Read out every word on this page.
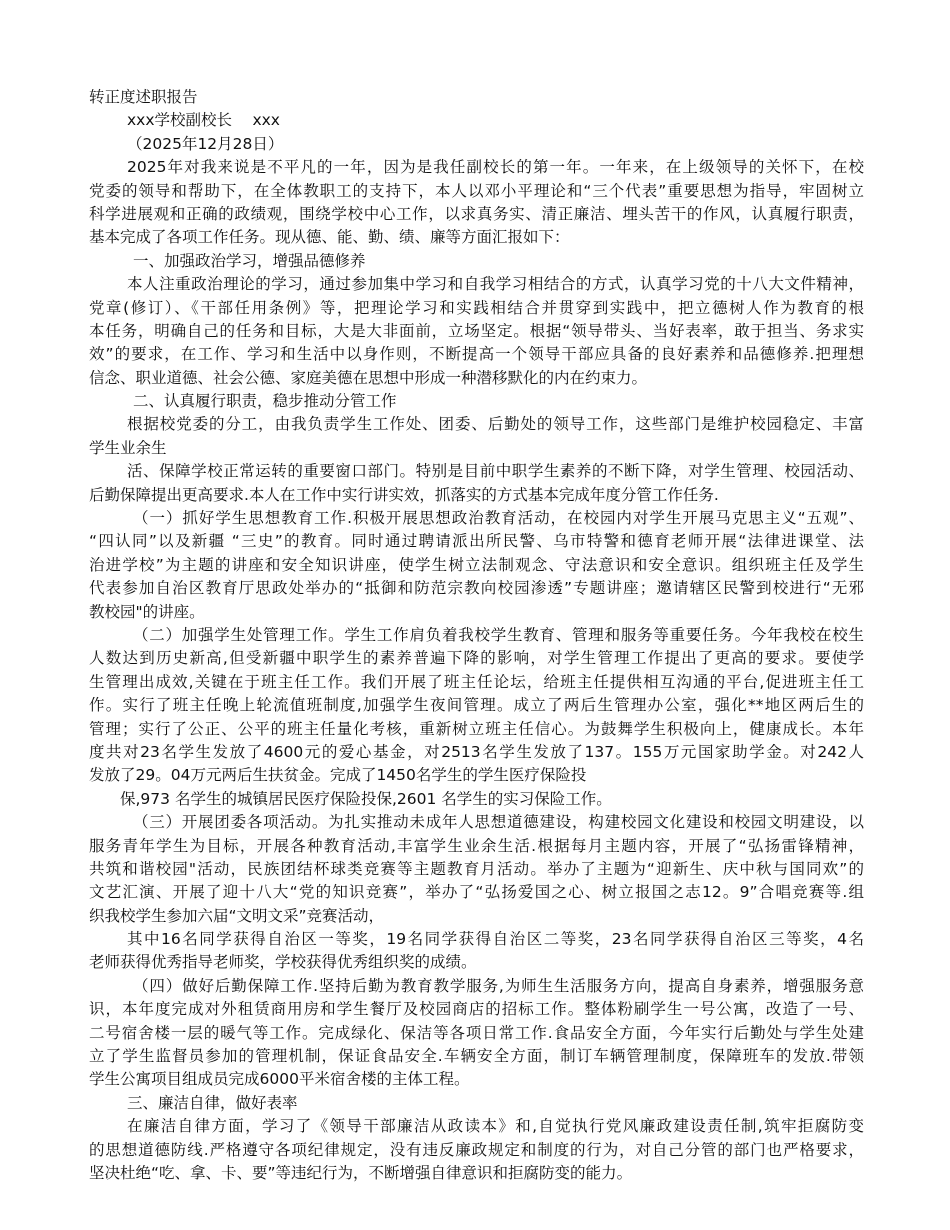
转正度述职报告
xxx学校副校长　 xxx
（2025年12月28日）
2025年对我来说是不平凡的一年，因为是我任副校长的第一年。一年来，在上级领导的关怀下，在校
党委的领导和帮助下，在全体教职工的支持下，本人以邓小平理论和“三个代表”重要思想为指导，牢固树立
科学进展观和正确的政绩观，围绕学校中心工作，以求真务实、清正廉洁、埋头苦干的作风，认真履行职责，
基本完成了各项工作任务。现从德、能、勤、绩、廉等方面汇报如下：
一、加强政治学习，增强品德修养
本人注重政治理论的学习，通过参加集中学习和自我学习相结合的方式，认真学习党的十八大文件精神，
党章(修订）、《干部任用条例》等，把理论学习和实践相结合并贯穿到实践中，把立德树人作为教育的根
本任务，明确自己的任务和目标，大是大非面前，立场坚定。根据“领导带头、当好表率，敢于担当、务求实
效”的要求，在工作、学习和生活中以身作则，不断提高一个领导干部应具备的良好素养和品德修养.把理想
信念、职业道德、社会公德、家庭美德在思想中形成一种潜移默化的内在约束力。
二、认真履行职责，稳步推动分管工作
根据校党委的分工，由我负责学生工作处、团委、后勤处的领导工作，这些部门是维护校园稳定、丰富
学生业余生
活、保障学校正常运转的重要窗口部门。特别是目前中职学生素养的不断下降，对学生管理、校园活动、
后勤保障提出更高要求.本人在工作中实行讲实效，抓落实的方式基本完成年度分管工作任务.
（一）抓好学生思想教育工作.积极开展思想政治教育活动，在校园内对学生开展马克思主义“五观”、
“四认同”以及新疆 “三史”的教育。同时通过聘请派出所民警、乌市特警和德育老师开展“法律进课堂、法
治进学校”为主题的讲座和安全知识讲座，使学生树立法制观念、守法意识和安全意识。组织班主任及学生
代表参加自治区教育厅思政处举办的“抵御和防范宗教向校园渗透”专题讲座；邀请辖区民警到校进行“无邪
教校园"的讲座。
（二）加强学生处管理工作。学生工作肩负着我校学生教育、管理和服务等重要任务。今年我校在校生
人数达到历史新高,但受新疆中职学生的素养普遍下降的影响，对学生管理工作提出了更高的要求。要使学
生管理出成效,关键在于班主任工作。我们开展了班主任论坛，给班主任提供相互沟通的平台,促进班主任工
作。实行了班主任晚上轮流值班制度,加强学生夜间管理。成立了两后生管理办公室，强化**地区两后生的
管理；实行了公正、公平的班主任量化考核，重新树立班主任信心。为鼓舞学生积极向上，健康成长。本年
度共对23名学生发放了4600元的爱心基金，对2513名学生发放了137。155万元国家助学金。对242人
发放了29。04万元两后生扶贫金。完成了1450名学生的学生医疗保险投
保,973 名学生的城镇居民医疗保险投保,2601 名学生的实习保险工作。
（三）开展团委各项活动。为扎实推动未成年人思想道德建设，构建校园文化建设和校园文明建设，以
服务青年学生为目标，开展各种教育活动,丰富学生业余生活.根据每月主题内容，开展了“弘扬雷锋精神，
共筑和谐校园"活动，民族团结杯球类竞赛等主题教育月活动。举办了主题为“迎新生、庆中秋与国同欢”的
文艺汇演、开展了迎十八大“党的知识竞赛”，举办了“弘扬爱国之心、树立报国之志12。9”合唱竞赛等.组
织我校学生参加六届“文明文采”竞赛活动，
其中16名同学获得自治区一等奖，19名同学获得自治区二等奖，23名同学获得自治区三等奖，4名
老师获得优秀指导老师奖，学校获得优秀组织奖的成绩。
（四）做好后勤保障工作.坚持后勤为教育教学服务,为师生生活服务方向，提高自身素养，增强服务意
识，本年度完成对外租赁商用房和学生餐厅及校园商店的招标工作。整体粉刷学生一号公寓，改造了一号、
二号宿舍楼一层的暖气等工作。完成绿化、保洁等各项日常工作.食品安全方面，今年实行后勤处与学生处建
立了学生监督员参加的管理机制，保证食品安全.车辆安全方面，制订车辆管理制度，保障班车的发放.带领
学生公寓项目组成员完成6000平米宿舍楼的主体工程。
三、廉洁自律，做好表率
在廉洁自律方面，学习了《领导干部廉洁从政读本》和,自觉执行党风廉政建设责任制,筑牢拒腐防变
的思想道德防线.严格遵守各项纪律规定，没有违反廉政规定和制度的行为，对自己分管的部门也严格要求，
坚决杜绝“吃、拿、卡、要”等违纪行为，不断增强自律意识和拒腐防变的能力。
